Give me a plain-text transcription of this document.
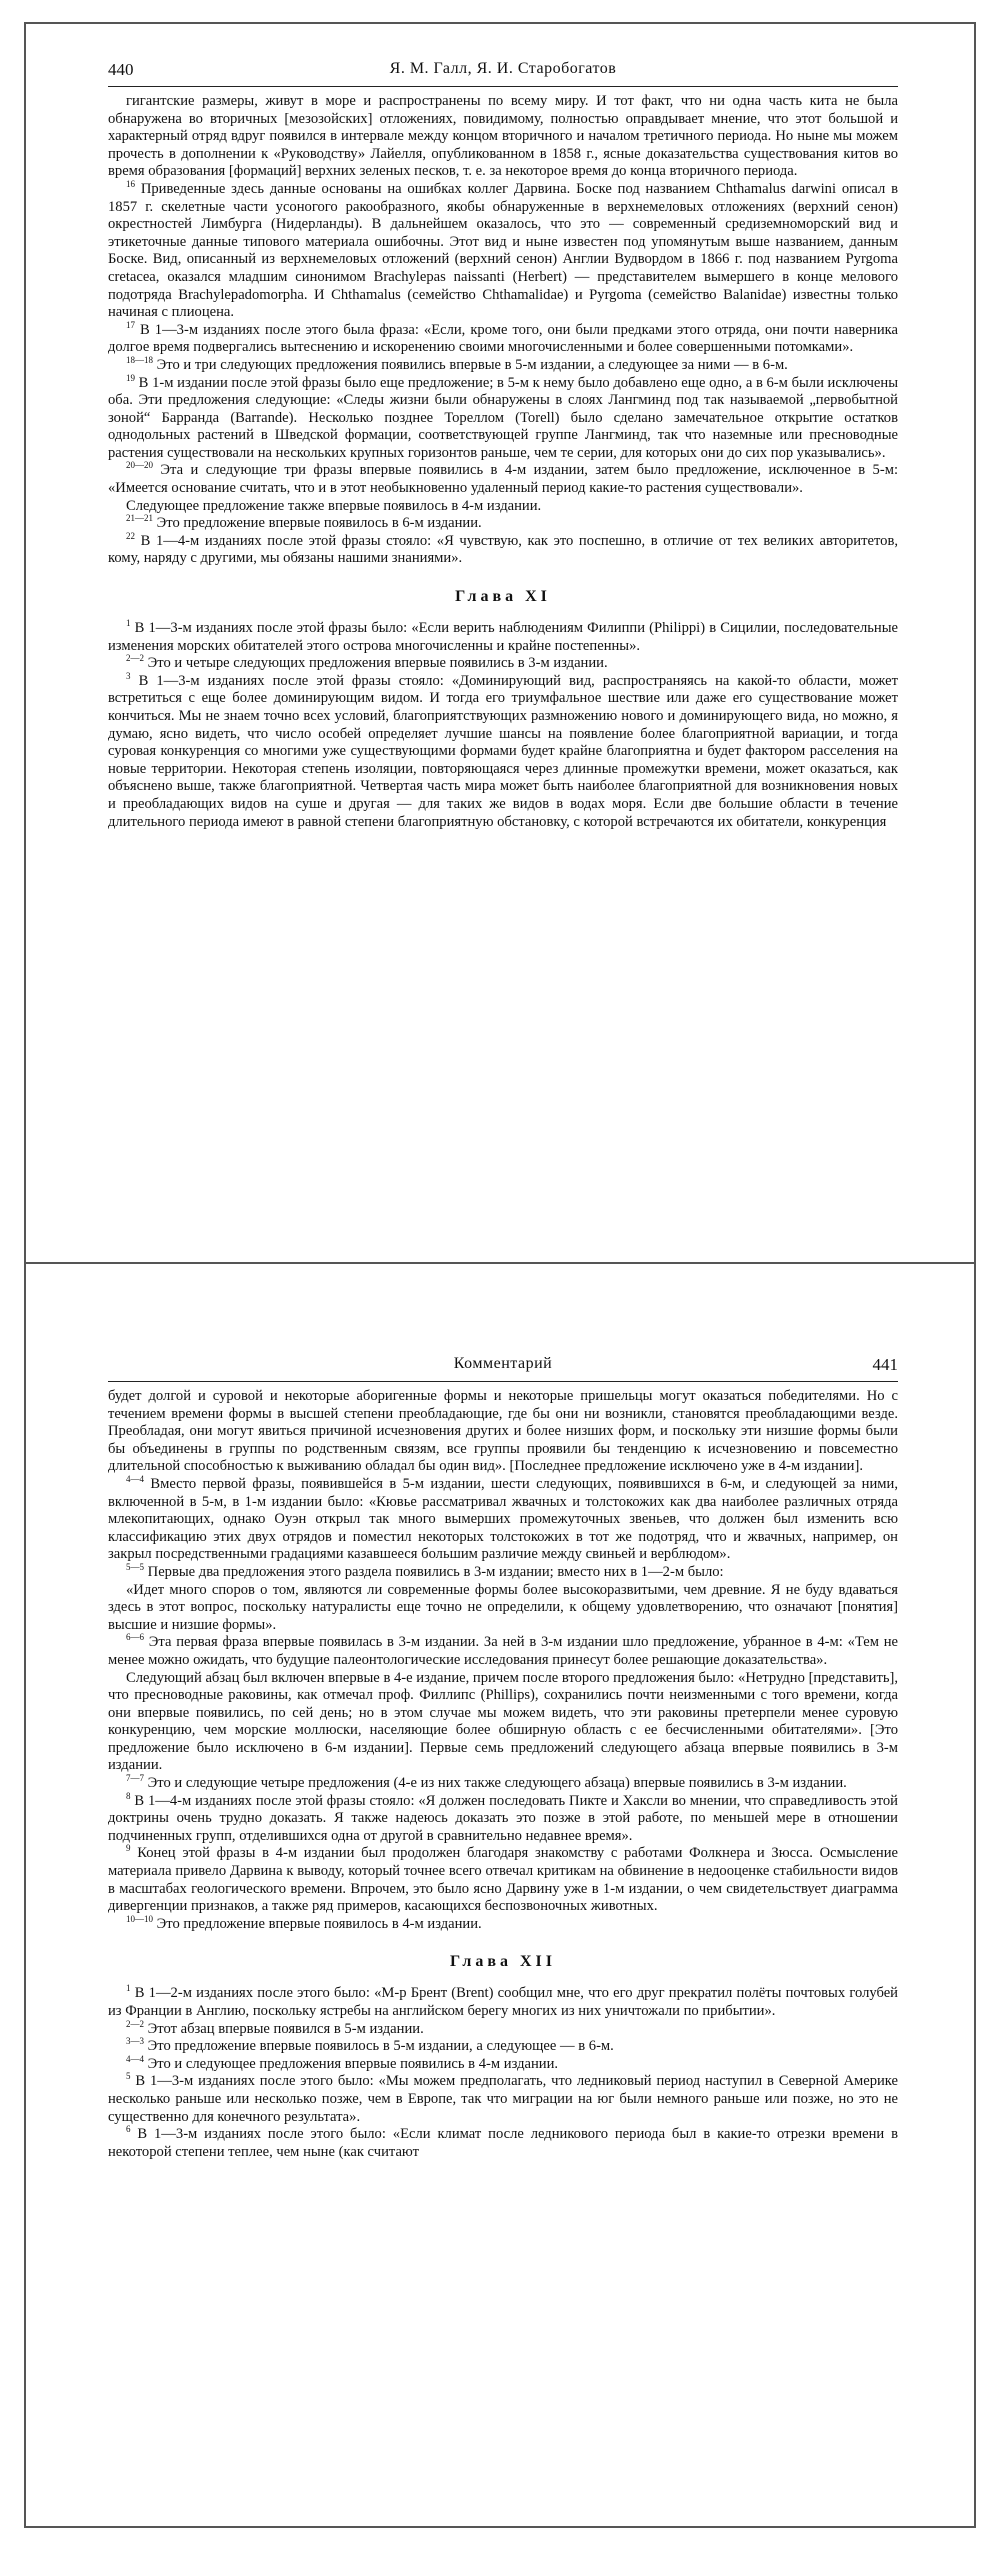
440	Я. М. Галл, Я. И. Старобогатов

гигантские размеры, живут в море и распространены по всему миру. И тот факт, что ни одна часть кита не была обнаружена во вторичных [мезозойских] отложениях, повидимому, полностью оправдывает мнение, что этот большой и характерный отряд вдруг появился в интервале между концом вторичного и началом третичного периода. Но ныне мы можем прочесть в дополнении к «Руководству» Лайелля, опубликованном в 1858 г., ясные доказательства существования китов во время образования [формаций] верхних зеленых песков, т. е. за некоторое время до конца вторичного периода.

$^{16}$ Приведенные здесь данные основаны на ошибках коллег Дарвина. Боске под названием Chthamalus darwini описал в 1857 г. скелетные части усоногого ракообразного, якобы обнаруженные в верхнемеловых отложениях (верхний сенон) окрестностей Лимбурга (Нидерланды). В дальнейшем оказалось, что это — современный средиземноморский вид и этикеточные данные типового материала ошибочны. Этот вид и ныне известен под упомянутым выше названием, данным Боске. Вид, описанный из верхнемеловых отложений (верхний сенон) Англии Вудвордом в 1866 г. под названием Pyrgoma cretacea, оказался младшим синонимом Brachylepas naissanti (Herbert) — представителем вымершего в конце мелового подотряда Brachylepadomorpha. И Chthamalus (семейство Chthamalidae) и Pyrgoma (семейство Balanidae) известны только начиная с плиоцена.

$^{17}$ В 1—3-м изданиях после этого была фраза: «Если, кроме того, они были предками этого отряда, они почти наверника долгое время подвергались вытеснению и искоренению своими многочисленными и более совершенными потомками».

$^{18—18}$ Это и три следующих предложения появились впервые в 5-м издании, а следующее за ними — в 6-м.

$^{19}$ В 1-м издании после этой фразы было еще предложение; в 5-м к нему было добавлено еще одно, а в 6-м были исключены оба. Эти предложения следующие: «Следы жизни были обнаружены в слоях Лангминд под так называемой „первобытной зоной“ Барранда (Barrande). Несколько позднее Тореллом (Torell) было сделано замечательное открытие остатков однодольных растений в Шведской формации, соответствующей группе Лангминд, так что наземные или пресноводные растения существовали на нескольких крупных горизонтов раньше, чем те серии, для которых они до сих пор указывались».

$^{20—20}$ Эта и следующие три фразы впервые появились в 4-м издании, затем было предложение, исключенное в 5-м: «Имеется основание считать, что и в этот необыкновенно удаленный период какие-то растения существовали».

Следующее предложение также впервые появилось в 4-м издании.

$^{21—21}$ Это предложение впервые появилось в 6-м издании.

$^{22}$ В 1—4-м изданиях после этой фразы стояло: «Я чувствую, как это поспешно, в отличие от тех великих авторитетов, кому, наряду с другими, мы обязаны нашими знаниями».

Глава XI

$^1$ В 1—3-м изданиях после этой фразы было: «Если верить наблюдениям Филиппи (Philippi) в Сицилии, последовательные изменения морских обитателей этого острова многочисленны и крайне постепенны».

$^{2—2}$ Это и четыре следующих предложения впервые появились в 3-м издании.

$^3$ В 1—3-м изданиях после этой фразы стояло: «Доминирующий вид, распространяясь на какой-то области, может встретиться с еще более доминирующим видом. И тогда его триумфальное шествие или даже его существование может кончиться. Мы не знаем точно всех условий, благоприятствующих размножению нового и доминирующего вида, но можно, я думаю, ясно видеть, что число особей определяет лучшие шансы на появление более благоприятной вариации, и тогда суровая конкуренция со многими уже существующими формами будет крайне благоприятна и будет фактором расселения на новые территории. Некоторая степень изоляции, повторяющаяся через длинные промежутки времени, может оказаться, как объяснено выше, также благоприятной. Четвертая часть мира может быть наиболее благоприятной для возникновения новых и преобладающих видов на суше и другая — для таких же видов в водах моря. Если две большие области в течение длительного периода имеют в равной степени благоприятную обстановку, с которой встречаются их обитатели, конкуренция

Комментарий	441

будет долгой и суровой и некоторые аборигенные формы и некоторые пришельцы могут оказаться победителями. Но с течением времени формы в высшей степени преобладающие, где бы они ни возникли, становятся преобладающими везде. Преобладая, они могут явиться причиной исчезновения других и более низших форм, и поскольку эти низшие формы были бы объединены в группы по родственным связям, все группы проявили бы тенденцию к исчезновению и повсеместно длительной способностью к выживанию обладал бы один вид». [Последнее предложение исключено уже в 4-м издании].

$^{4—4}$ Вместо первой фразы, появившейся в 5-м издании, шести следующих, появившихся в 6-м, и следующей за ними, включенной в 5-м, в 1-м издании было: «Кювье рассматривал жвачных и толстокожих как два наиболее различных отряда млекопитающих, однако Оуэн открыл так много вымерших промежуточных звеньев, что должен был изменить всю классификацию этих двух отрядов и поместил некоторых толстокожих в тот же подотряд, что и жвачных, например, он закрыл посредственными градациями казавшееся большим различие между свиньей и верблюдом».

$^{5—5}$ Первые два предложения этого раздела появились в 3-м издании; вместо них в 1—2-м было:

«Идет много споров о том, являются ли современные формы более высокоразвитыми, чем древние. Я не буду вдаваться здесь в этот вопрос, поскольку натуралисты еще точно не определили, к общему удовлетворению, что означают [понятия] высшие и низшие формы».

$^{6—6}$ Эта первая фраза впервые появилась в 3-м издании. За ней в 3-м издании шло предложение, убранное в 4-м: «Тем не менее можно ожидать, что будущие палеонтологические исследования принесут более решающие доказательства».

Следующий абзац был включен впервые в 4-е издание, причем после второго предложения было: «Нетрудно [представить], что пресноводные раковины, как отмечал проф. Филлипс (Phillips), сохранились почти неизменными с того времени, когда они впервые появились, по сей день; но в этом случае мы можем видеть, что эти раковины претерпели менее суровую конкуренцию, чем морские моллюски, населяющие более обширную область с ее бесчисленными обитателями». [Это предложение было исключено в 6-м издании]. Первые семь предложений следующего абзаца впервые появились в 3-м издании.

$^{7—7}$ Это и следующие четыре предложения (4-е из них также следующего абзаца) впервые появились в 3-м издании.

$^8$ В 1—4-м изданиях после этой фразы стояло: «Я должен последовать Пикте и Хаксли во мнении, что справедливость этой доктрины очень трудно доказать. Я также надеюсь доказать это позже в этой работе, по меньшей мере в отношении подчиненных групп, отделившихся одна от другой в сравнительно недавнее время».

$^9$ Конец этой фразы в 4-м издании был продолжен благодаря знакомству с работами Фолкнера и Зюсса. Осмысление материала привело Дарвина к выводу, который точнее всего отвечал критикам на обвинение в недооценке стабильности видов в масштабах геологического времени. Впрочем, это было ясно Дарвину уже в 1-м издании, о чем свидетельствует диаграмма дивергенции признаков, а также ряд примеров, касающихся беспозвоночных животных.

$^{10—10}$ Это предложение впервые появилось в 4-м издании.

Глава XII

$^1$ В 1—2-м изданиях после этого было: «М-р Брент (Brent) сообщил мне, что его друг прекратил полёты почтовых голубей из Франции в Англию, поскольку ястребы на английском берегу многих из них уничтожали по прибытии».

$^{2—2}$ Этот абзац впервые появился в 5-м издании.

$^{3—3}$ Это предложение впервые появилось в 5-м издании, а следующее — в 6-м.

$^{4—4}$ Это и следующее предложения впервые появились в 4-м издании.

$^5$ В 1—3-м изданиях после этого было: «Мы можем предполагать, что ледниковый период наступил в Северной Америке несколько раньше или несколько позже, чем в Европе, так что миграции на юг были немного раньше или позже, но это не существенно для конечного результата».

$^6$ В 1—3-м изданиях после этого было: «Если климат после ледникового периода был в какие-то отрезки времени в некоторой степени теплее, чем ныне (как считают
